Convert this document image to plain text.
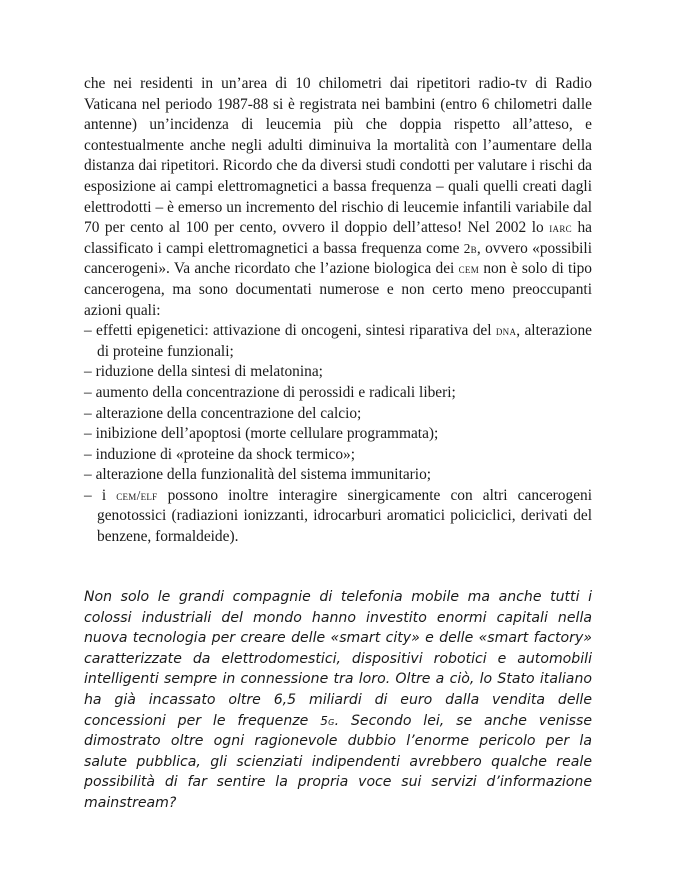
che nei residenti in un’area di 10 chilometri dai ripetitori radio-tv di Radio Vaticana nel periodo 1987-88 si è registrata nei bambini (entro 6 chilometri dalle antenne) un’incidenza di leucemia più che doppia rispetto all’atteso, e contestualmente anche negli adulti diminuiva la mortalità con l’aumentare della distanza dai ripetitori. Ricordo che da diversi studi condotti per valutare i rischi da esposizione ai campi elettromagnetici a bassa frequenza – quali quelli creati dagli elettrodotti – è emerso un incremento del rischio di leucemie infantili variabile dal 70 per cento al 100 per cento, ovvero il doppio dell’atteso! Nel 2002 lo iarc ha classificato i campi elettromagnetici a bassa frequenza come 2b, ovvero «possibili cancerogeni». Va anche ricordato che l’azione biologica dei cem non è solo di tipo cancerogena, ma sono documentati numerose e non certo meno preoccupanti azioni quali:

– effetti epigenetici: attivazione di oncogeni, sintesi riparativa del dna, alterazione di proteine funzionali;
– riduzione della sintesi di melatonina;
– aumento della concentrazione di perossidi e radicali liberi;
– alterazione della concentrazione del calcio;
– inibizione dell’apoptosi (morte cellulare programmata);
– induzione di «proteine da shock termico»;
– alterazione della funzionalità del sistema immunitario;
– i cem/elf possono inoltre interagire sinergicamente con altri cancerogeni genotossici (radiazioni ionizzanti, idrocarburi aromatici policiclici, derivati del benzene, formaldeide).

Non solo le grandi compagnie di telefonia mobile ma anche tutti i colossi industriali del mondo hanno investito enormi capitali nella nuova tecnologia per creare delle «smart city» e delle «smart factory» caratterizzate da elettrodomestici, dispositivi robotici e automobili intelligenti sempre in connessione tra loro. Oltre a ciò, lo Stato italiano ha già incassato oltre 6,5 miliardi di euro dalla vendita delle concessioni per le frequenze 5g. Secondo lei, se anche venisse dimostrato oltre ogni ragionevole dubbio l’enorme pericolo per la salute pubblica, gli scienziati indipendenti avrebbero qualche reale possibilità di far sentire la propria voce sui servizi d’informazione mainstream?
